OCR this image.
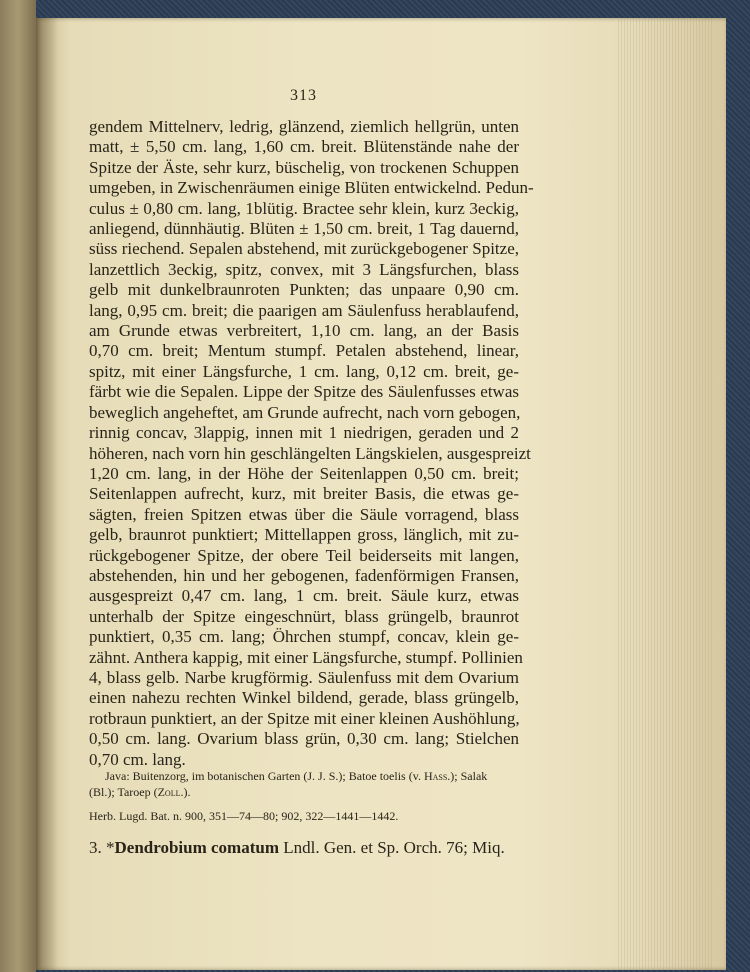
313
gendem Mittelnerv, ledrig, glänzend, ziemlich hellgrün, unten
matt, ± 5,50 cm. lang, 1,60 cm. breit. Blütenstände nahe der
Spitze der Äste, sehr kurz, büschelig, von trockenen Schuppen
umgeben, in Zwischenräumen einige Blüten entwickelnd. Pedun-
culus ± 0,80 cm. lang, 1blütig. Bractee sehr klein, kurz 3eckig,
anliegend, dünnhäutig. Blüten ± 1,50 cm. breit, 1 Tag dauernd,
süss riechend. Sepalen abstehend, mit zurückgebogener Spitze,
lanzettlich 3eckig, spitz, convex, mit 3 Längsfurchen, blass
gelb mit dunkelbraunroten Punkten; das unpaare 0,90 cm.
lang, 0,95 cm. breit; die paarigen am Säulenfuss herablaufend,
am Grunde etwas verbreitert, 1,10 cm. lang, an der Basis
0,70 cm. breit; Mentum stumpf. Petalen abstehend, linear,
spitz, mit einer Längsfurche, 1 cm. lang, 0,12 cm. breit, ge-
färbt wie die Sepalen. Lippe der Spitze des Säulenfusses etwas
beweglich angeheftet, am Grunde aufrecht, nach vorn gebogen,
rinnig concav, 3lappig, innen mit 1 niedrigen, geraden und 2
höheren, nach vorn hin geschlängelten Längskielen, ausgespreizt
1,20 cm. lang, in der Höhe der Seitenlappen 0,50 cm. breit;
Seitenlappen aufrecht, kurz, mit breiter Basis, die etwas ge-
sägten, freien Spitzen etwas über die Säule vorragend, blass
gelb, braunrot punktiert; Mittellappen gross, länglich, mit zu-
rückgebogener Spitze, der obere Teil beiderseits mit langen,
abstehenden, hin und her gebogenen, fadenförmigen Fransen,
ausgespreizt 0,47 cm. lang, 1 cm. breit. Säule kurz, etwas
unterhalb der Spitze eingeschnürt, blass grüngelb, braunrot
punktiert, 0,35 cm. lang; Öhrchen stumpf, concav, klein ge-
zähnt. Anthera kappig, mit einer Längsfurche, stumpf. Pollinien
4, blass gelb. Narbe krugförmig. Säulenfuss mit dem Ovarium
einen nahezu rechten Winkel bildend, gerade, blass grüngelb,
rotbraun punktiert, an der Spitze mit einer kleinen Aushöhlung,
0,50 cm. lang. Ovarium blass grün, 0,30 cm. lang; Stielchen
0,70 cm. lang.
Java: Buitenzorg, im botanischen Garten (J. J. S.); Batoe toelis (v. Hass.); Salak
(Bl.); Taroep (Zoll.).
Herb. Lugd. Bat. n. 900, 351—74—80; 902, 322—1441—1442.
3. *Dendrobium comatum Lndl. Gen. et Sp. Orch. 76; Miq.
